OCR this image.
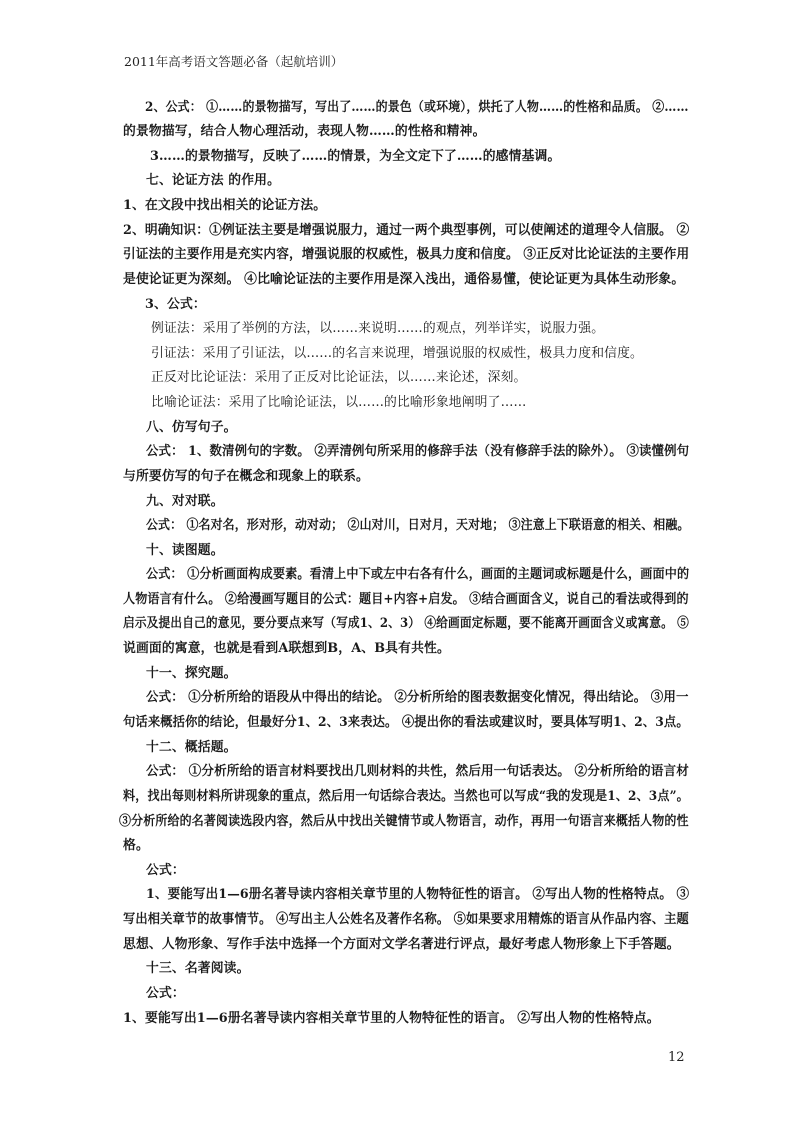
2011年高考语文答题必备（起航培训）
2、公式： ①……的景物描写，写出了……的景色（或环境），烘托了人物……的性格和品质。 ②……
的景物描写，结合人物心理活动，表现人物……的性格和精神。
3……的景物描写，反映了……的情景，为全文定下了……的感情基调。
七、论证方法 的作用。
1、在文段中找出相关的论证方法。
2、明确知识：①例证法主要是增强说服力，通过一两个典型事例，可以使阐述的道理令人信服。 ②
引证法的主要作用是充实内容，增强说服的权威性，极具力度和信度。 ③正反对比论证法的主要作用
是使论证更为深刻。 ④比喻论证法的主要作用是深入浅出，通俗易懂，使论证更为具体生动形象。
3、公式：
例证法：采用了举例的方法，以……来说明……的观点，列举详实，说服力强。
引证法：采用了引证法，以……的名言来说理，增强说服的权威性，极具力度和信度。
正反对比论证法：采用了正反对比论证法，以……来论述，深刻。
比喻论证法：采用了比喻论证法，以……的比喻形象地阐明了……
八、仿写句子。
公式： 1、数清例句的字数。 ②弄清例句所采用的修辞手法（没有修辞手法的除外）。 ③读懂例句
与所要仿写的句子在概念和现象上的联系。
九、对对联。
公式： ①名对名，形对形，动对动； ②山对川，日对月，天对地； ③注意上下联语意的相关、相融。
十、读图题。
公式： ①分析画面构成要素。看清上中下或左中右各有什么，画面的主题词或标题是什么，画面中的
人物语言有什么。 ②给漫画写题目的公式：题目+内容+启发。 ③结合画面含义，说自己的看法或得到的
启示及提出自己的意见，要分要点来写（写成1、2、3） ④给画面定标题，要不能离开画面含义或寓意。 ⑤
说画面的寓意，也就是看到A联想到B，A、B具有共性。
十一、探究题。
公式： ①分析所给的语段从中得出的结论。 ②分析所给的图表数据变化情况，得出结论。 ③用一
句话来概括你的结论，但最好分1、2、3来表达。 ④提出你的看法或建议时，要具体写明1、2、3点。
十二、概括题。
公式： ①分析所给的语言材料要找出几则材料的共性，然后用一句话表达。 ②分析所给的语言材
料，找出每则材料所讲现象的重点，然后用一句话综合表达。当然也可以写成“我的发现是1、2、3点”。
③分析所给的名著阅读选段内容，然后从中找出关键情节或人物语言，动作，再用一句语言来概括人物的性
格。
公式：
1、要能写出1—6册名著导读内容相关章节里的人物特征性的语言。 ②写出人物的性格特点。 ③
写出相关章节的故事情节。 ④写出主人公姓名及著作名称。 ⑤如果要求用精炼的语言从作品内容、主题
思想、人物形象、写作手法中选择一个方面对文学名著进行评点，最好考虑人物形象上下手答题。
十三、名著阅读。
公式：
1、要能写出1—6册名著导读内容相关章节里的人物特征性的语言。 ②写出人物的性格特点。
12
